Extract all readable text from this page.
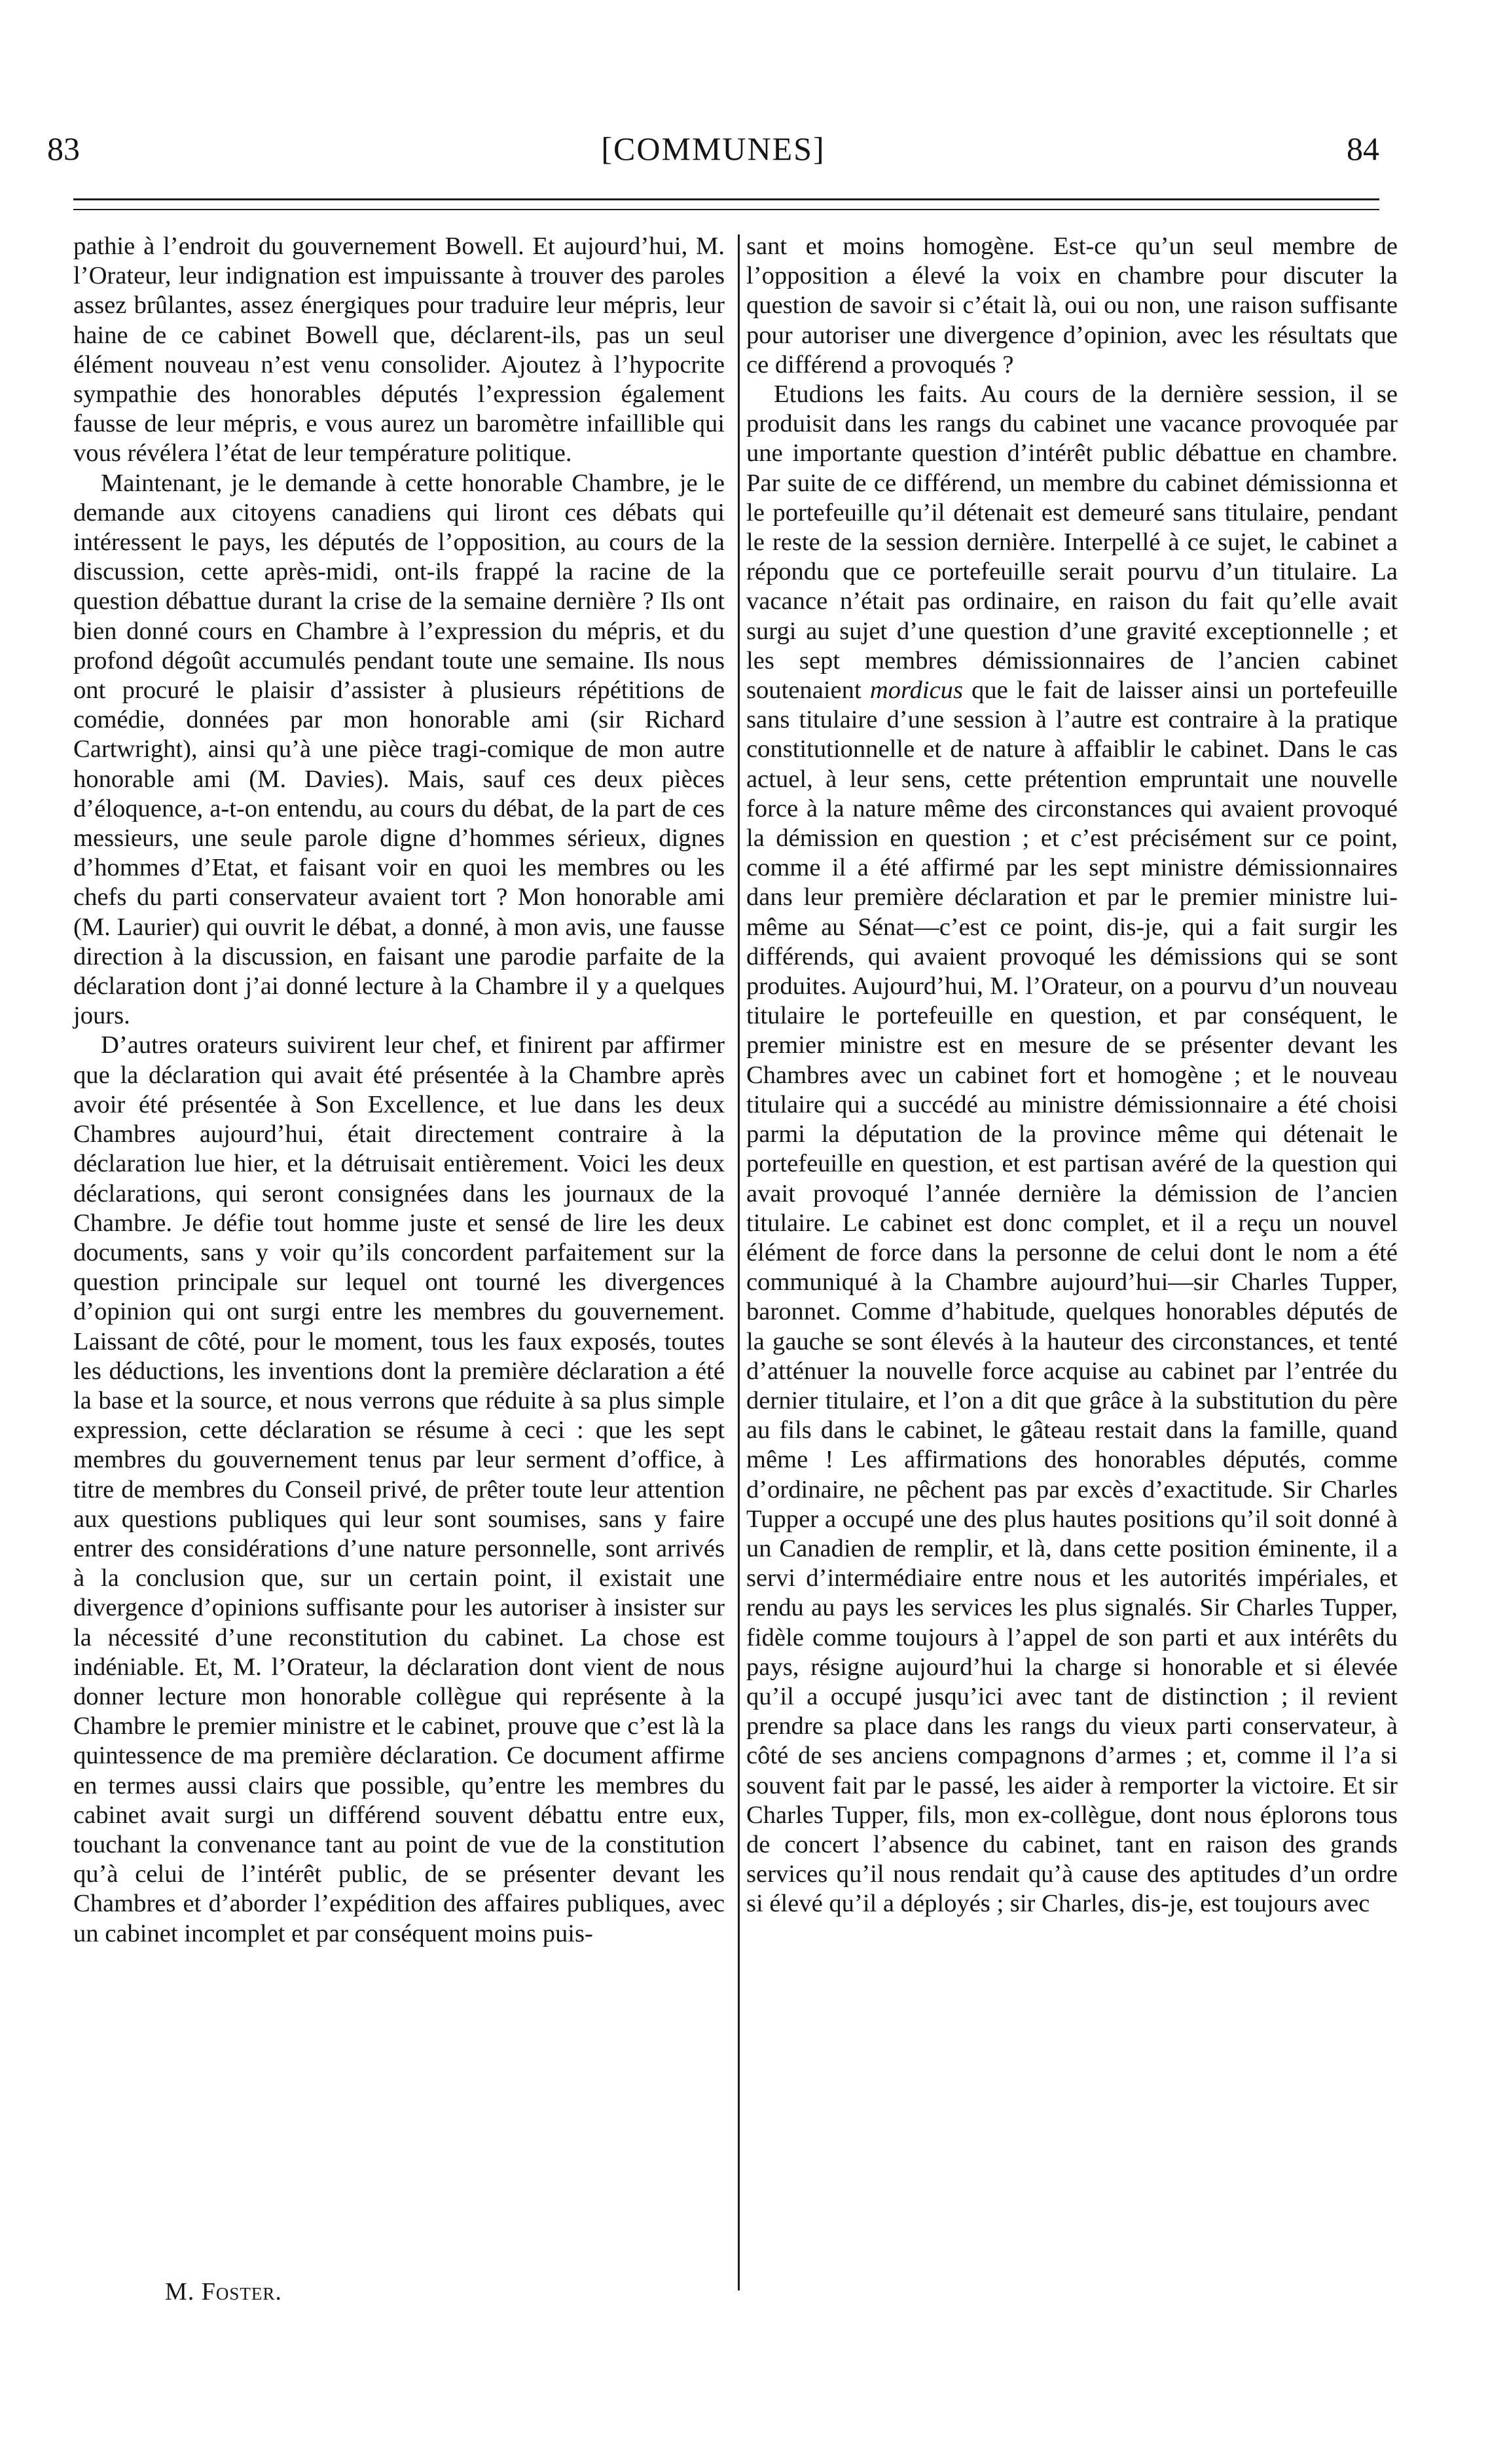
83	[COMMUNES]	84

pathie à l’endroit du gouvernement Bowell. Et aujourd’hui, M. l’Orateur, leur indignation est impuissante à trouver des paroles assez brûlantes, assez énergiques pour traduire leur mépris, leur haine de ce cabinet Bowell que, déclarent-ils, pas un seul élément nouveau n’est venu consolider. Ajoutez à l’hypocrite sympathie des honorables députés l’expression également fausse de leur mépris, e vous aurez un baromètre infaillible qui vous révélera l’état de leur température politique.

Maintenant, je le demande à cette honorable Chambre, je le demande aux citoyens canadiens qui liront ces débats qui intéressent le pays, les députés de l’opposition, au cours de la discussion, cette après-midi, ont-ils frappé la racine de la question débattue durant la crise de la semaine dernière ? Ils ont bien donné cours en Chambre à l’expression du mépris, et du profond dégoût accumulés pendant toute une semaine. Ils nous ont procuré le plaisir d’assister à plusieurs répétitions de comédie, données par mon honorable ami (sir Richard Cartwright), ainsi qu’à une pièce tragi-comique de mon autre honorable ami (M. Davies). Mais, sauf ces deux pièces d’éloquence, a-t-on entendu, au cours du débat, de la part de ces messieurs, une seule parole digne d’hommes sérieux, dignes d’hommes d’Etat, et faisant voir en quoi les membres ou les chefs du parti conservateur avaient tort ? Mon honorable ami (M. Laurier) qui ouvrit le débat, a donné, à mon avis, une fausse direction à la discussion, en faisant une parodie parfaite de la déclaration dont j’ai donné lecture à la Chambre il y a quelques jours.

D’autres orateurs suivirent leur chef, et finirent par affirmer que la déclaration qui avait été présentée à la Chambre après avoir été présentée à Son Excellence, et lue dans les deux Chambres aujourd’hui, était directement contraire à la déclaration lue hier, et la détruisait entièrement. Voici les deux déclarations, qui seront consignées dans les journaux de la Chambre. Je défie tout homme juste et sensé de lire les deux documents, sans y voir qu’ils concordent parfaitement sur la question principale sur lequel ont tourné les divergences d’opinion qui ont surgi entre les membres du gouvernement. Laissant de côté, pour le moment, tous les faux exposés, toutes les déductions, les inventions dont la première déclaration a été la base et la source, et nous verrons que réduite à sa plus simple expression, cette déclaration se résume à ceci : que les sept membres du gouvernement tenus par leur serment d’office, à titre de membres du Conseil privé, de prêter toute leur attention aux questions publiques qui leur sont soumises, sans y faire entrer des considérations d’une nature personnelle, sont arrivés à la conclusion que, sur un certain point, il existait une divergence d’opinions suffisante pour les autoriser à insister sur la nécessité d’une reconstitution du cabinet. La chose est indéniable. Et, M. l’Orateur, la déclaration dont vient de nous donner lecture mon honorable collègue qui représente à la Chambre le premier ministre et le cabinet, prouve que c’est là la quintessence de ma première déclaration. Ce document affirme en termes aussi clairs que possible, qu’entre les membres du cabinet avait surgi un différend souvent débattu entre eux, touchant la convenance tant au point de vue de la constitution qu’à celui de l’intérêt public, de se présenter devant les Chambres et d’aborder l’expédition des affaires publiques, avec un cabinet incomplet et par conséquent moins puis-

M. Foster.

sant et moins homogène. Est-ce qu’un seul membre de l’opposition a élevé la voix en chambre pour discuter la question de savoir si c’était là, oui ou non, une raison suffisante pour autoriser une divergence d’opinion, avec les résultats que ce différend a provoqués ?

Etudions les faits. Au cours de la dernière session, il se produisit dans les rangs du cabinet une vacance provoquée par une importante question d’intérêt public débattue en chambre. Par suite de ce différend, un membre du cabinet démissionna et le portefeuille qu’il détenait est demeuré sans titulaire, pendant le reste de la session dernière. Interpellé à ce sujet, le cabinet a répondu que ce portefeuille serait pourvu d’un titulaire. La vacance n’était pas ordinaire, en raison du fait qu’elle avait surgi au sujet d’une question d’une gravité exceptionnelle ; et les sept membres démissionnaires de l’ancien cabinet soutenaient mordicus que le fait de laisser ainsi un portefeuille sans titulaire d’une session à l’autre est contraire à la pratique constitutionnelle et de nature à affaiblir le cabinet. Dans le cas actuel, à leur sens, cette prétention empruntait une nouvelle force à la nature même des circonstances qui avaient provoqué la démission en question ; et c’est précisément sur ce point, comme il a été affirmé par les sept ministre démissionnaires dans leur première déclaration et par le premier ministre lui-même au Sénat—c’est ce point, dis-je, qui a fait surgir les différends, qui avaient provoqué les démissions qui se sont produites. Aujourd’hui, M. l’Orateur, on a pourvu d’un nouveau titulaire le portefeuille en question, et par conséquent, le premier ministre est en mesure de se présenter devant les Chambres avec un cabinet fort et homogène ; et le nouveau titulaire qui a succédé au ministre démissionnaire a été choisi parmi la députation de la province même qui détenait le portefeuille en question, et est partisan avéré de la question qui avait provoqué l’année dernière la démission de l’ancien titulaire. Le cabinet est donc complet, et il a reçu un nouvel élément de force dans la personne de celui dont le nom a été communiqué à la Chambre aujourd’hui—sir Charles Tupper, baronnet. Comme d’habitude, quelques honorables députés de la gauche se sont élevés à la hauteur des circonstances, et tenté d’atténuer la nouvelle force acquise au cabinet par l’entrée du dernier titulaire, et l’on a dit que grâce à la substitution du père au fils dans le cabinet, le gâteau restait dans la famille, quand même ! Les affirmations des honorables députés, comme d’ordinaire, ne pêchent pas par excès d’exactitude. Sir Charles Tupper a occupé une des plus hautes positions qu’il soit donné à un Canadien de remplir, et là, dans cette position éminente, il a servi d’intermédiaire entre nous et les autorités impériales, et rendu au pays les services les plus signalés. Sir Charles Tupper, fidèle comme toujours à l’appel de son parti et aux intérêts du pays, résigne aujourd’hui la charge si honorable et si élevée qu’il a occupé jusqu’ici avec tant de distinction ; il revient prendre sa place dans les rangs du vieux parti conservateur, à côté de ses anciens compagnons d’armes ; et, comme il l’a si souvent fait par le passé, les aider à remporter la victoire. Et sir Charles Tupper, fils, mon ex-collègue, dont nous éplorons tous de concert l’absence du cabinet, tant en raison des grands services qu’il nous rendait qu’à cause des aptitudes d’un ordre si élevé qu’il a déployés ; sir Charles, dis-je, est toujours avec
